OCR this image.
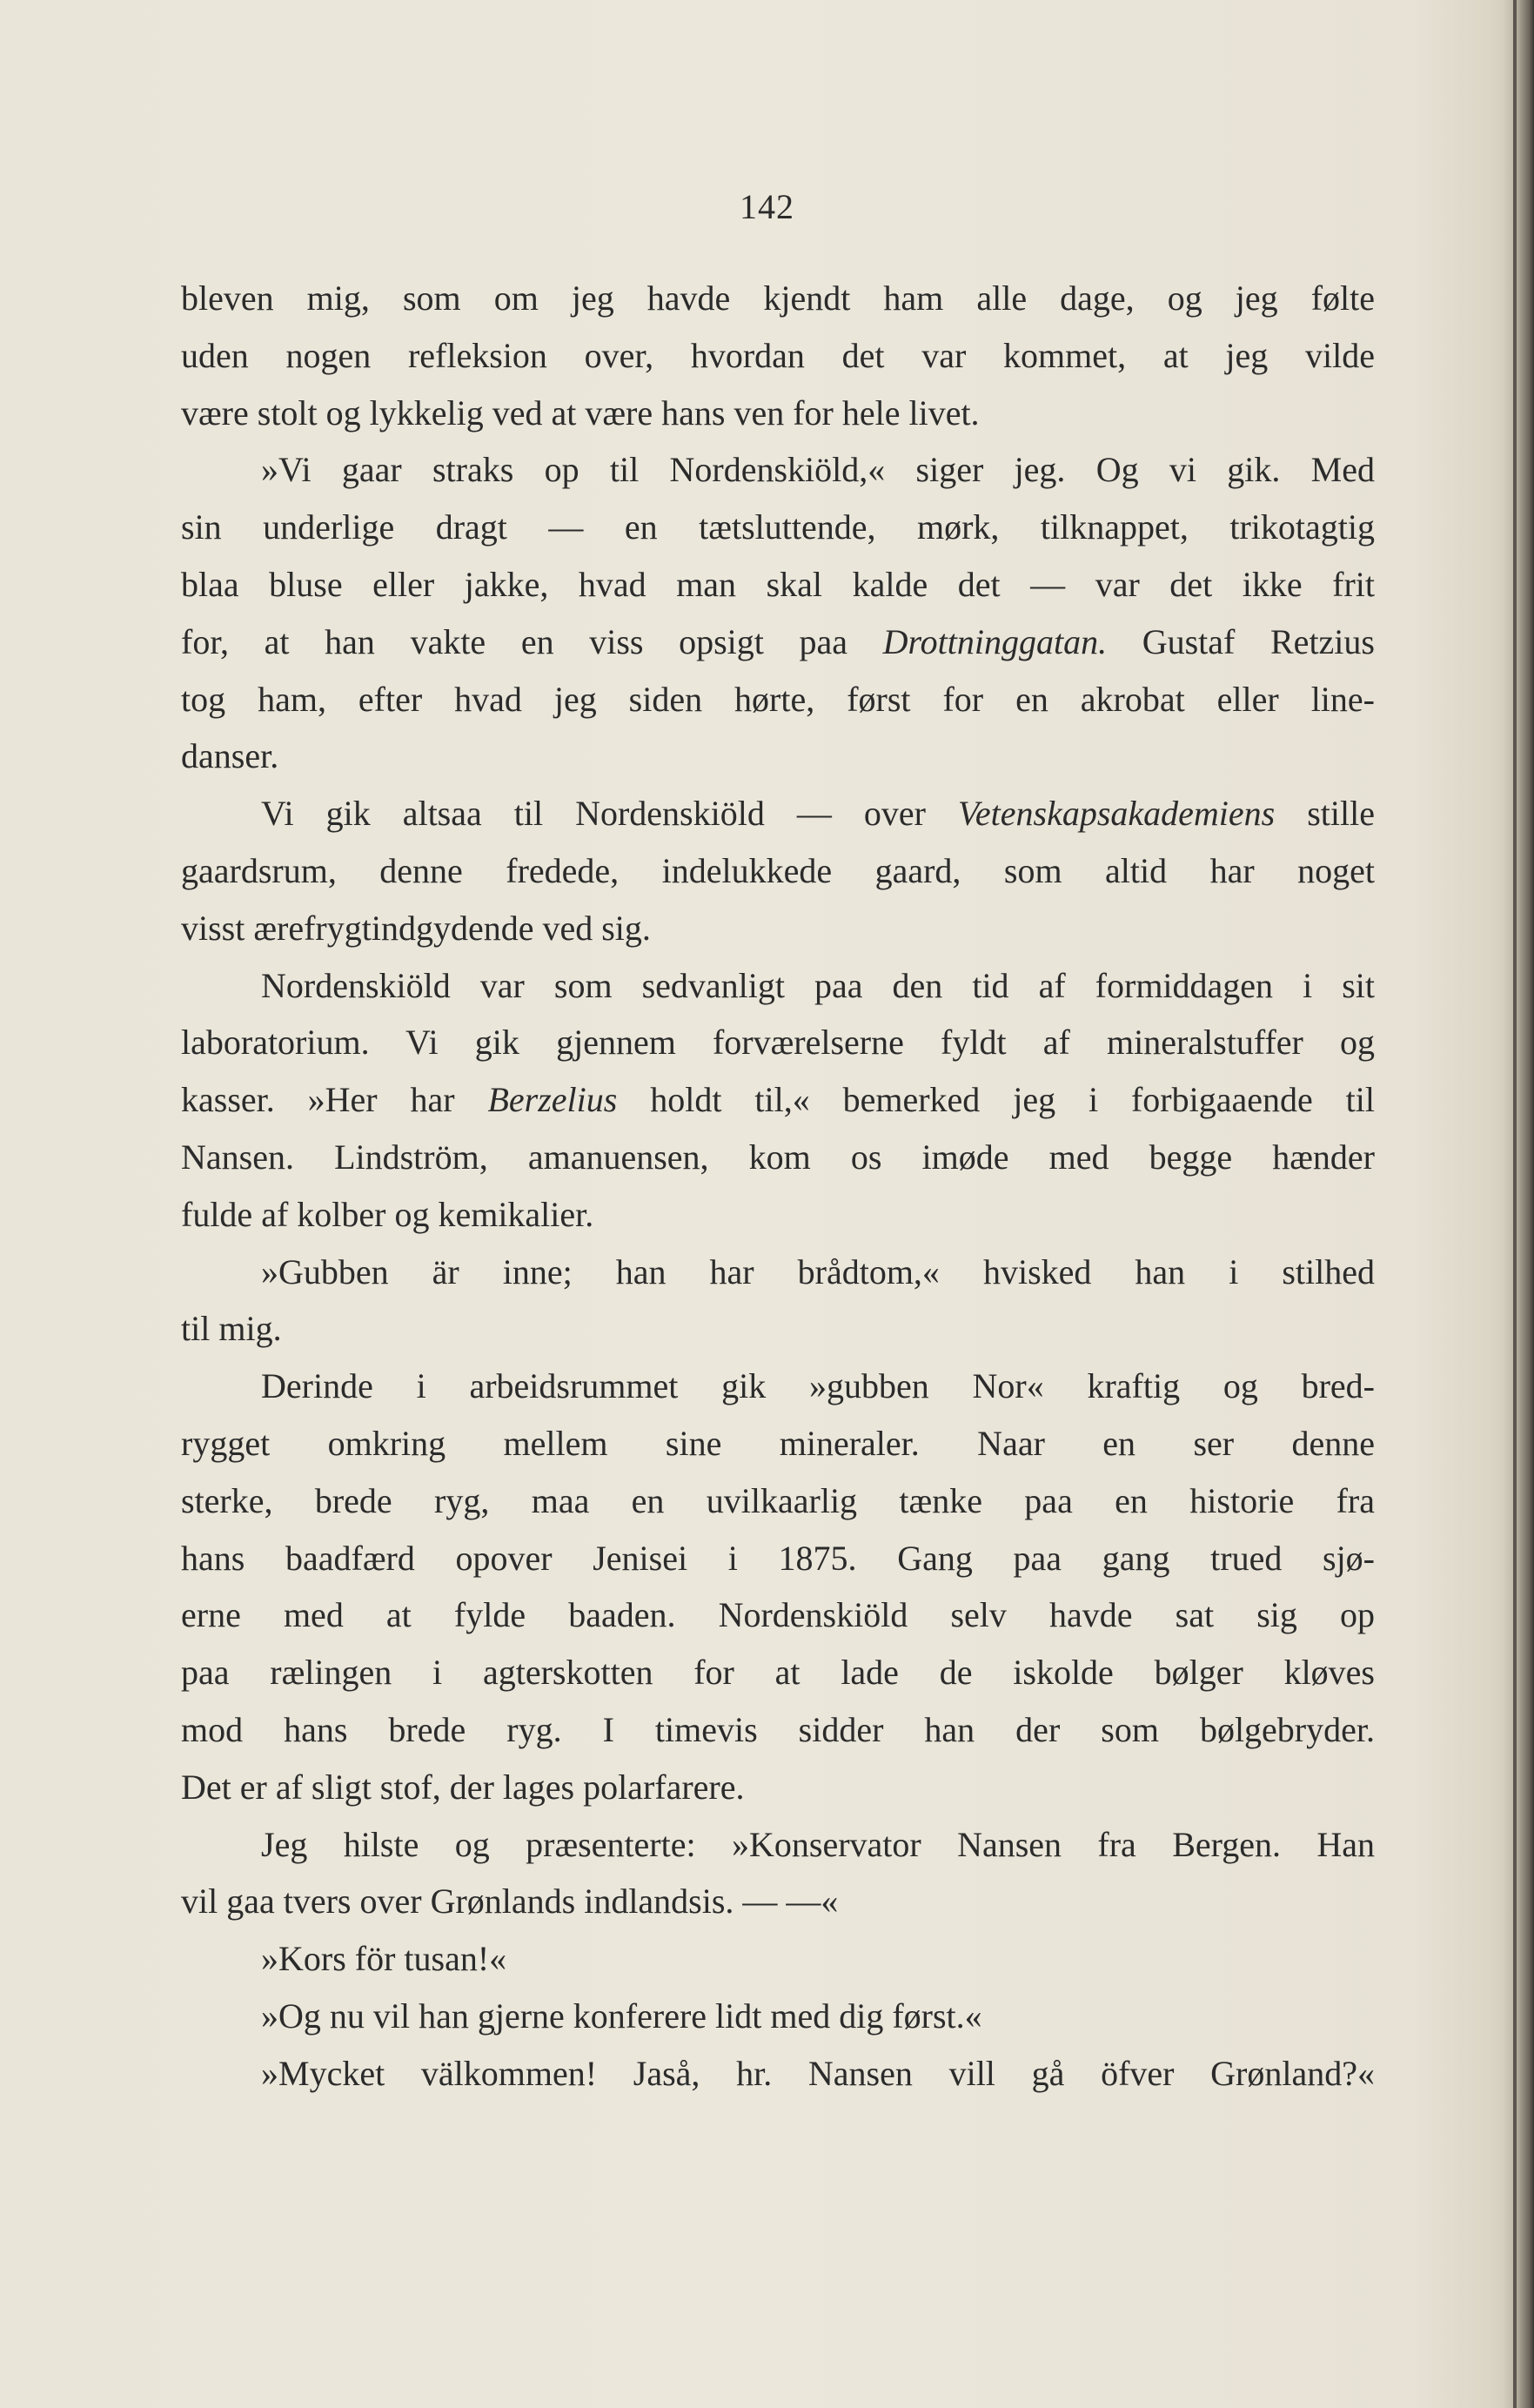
142
bleven mig, som om jeg havde kjendt ham alle dage, og jeg følte
uden nogen refleksion over, hvordan det var kommet, at jeg vilde
være stolt og lykkelig ved at være hans ven for hele livet.
»Vi gaar straks op til Nordenskiöld,« siger jeg. Og vi gik. Med
sin underlige dragt — en tætsluttende, mørk, tilknappet, trikotagtig
blaa bluse eller jakke, hvad man skal kalde det — var det ikke frit
for, at han vakte en viss opsigt paa Drottninggatan. Gustaf Retzius
tog ham, efter hvad jeg siden hørte, først for en akrobat eller line-
danser.
Vi gik altsaa til Nordenskiöld — over Vetenskapsakademiens stille
gaardsrum, denne fredede, indelukkede gaard, som altid har noget
visst ærefrygtindgydende ved sig.
Nordenskiöld var som sedvanligt paa den tid af formiddagen i sit
laboratorium. Vi gik gjennem forværelserne fyldt af mineralstuffer og
kasser. »Her har Berzelius holdt til,« bemerked jeg i forbigaaende til
Nansen. Lindström, amanuensen, kom os imøde med begge hænder
fulde af kolber og kemikalier.
»Gubben är inne; han har brådtom,« hvisked han i stilhed
til mig.
Derinde i arbeidsrummet gik »gubben Nor« kraftig og bred-
rygget omkring mellem sine mineraler. Naar en ser denne
sterke, brede ryg, maa en uvilkaarlig tænke paa en historie fra
hans baadfærd opover Jenisei i 1875. Gang paa gang trued sjø-
erne med at fylde baaden. Nordenskiöld selv havde sat sig op
paa rælingen i agterskotten for at lade de iskolde bølger kløves
mod hans brede ryg. I timevis sidder han der som bølgebryder.
Det er af sligt stof, der lages polarfarere.
Jeg hilste og præsenterte: »Konservator Nansen fra Bergen. Han
vil gaa tvers over Grønlands indlandsis. — —«
»Kors för tusan!«
»Og nu vil han gjerne konferere lidt med dig først.«
»Mycket välkommen! Jaså, hr. Nansen vill gå öfver Grønland?«
